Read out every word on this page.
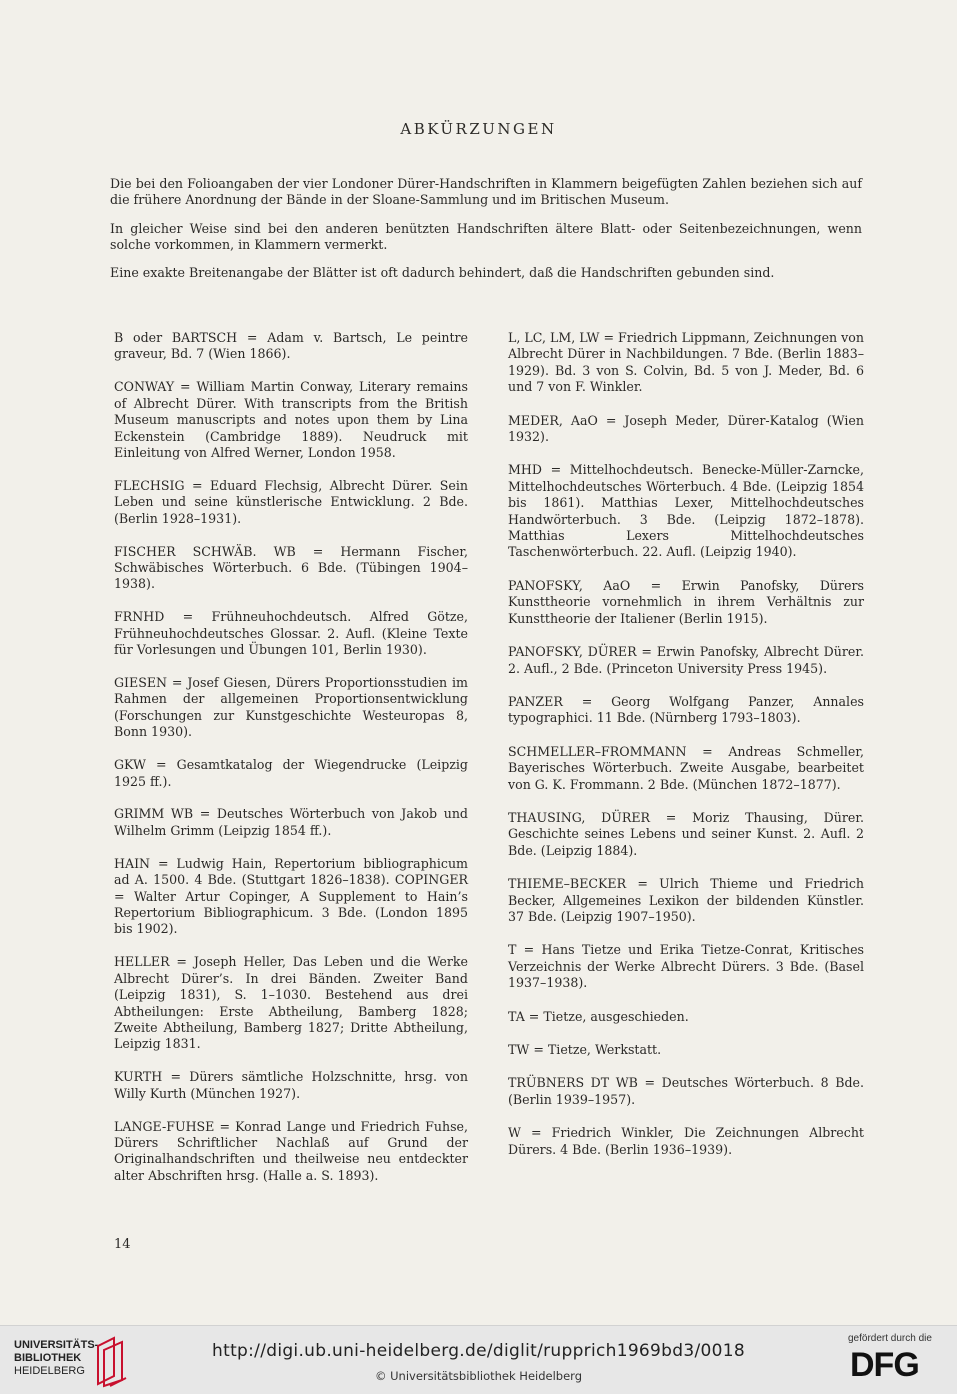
ABKÜRZUNGEN

Die bei den Folioangaben der vier Londoner Dürer-Handschriften in Klammern beigefügten Zahlen beziehen sich auf die frühere Anordnung der Bände in der Sloane-Sammlung und im Britischen Museum.

In gleicher Weise sind bei den anderen benützten Handschriften ältere Blatt- oder Seitenbezeichnungen, wenn solche vorkommen, in Klammern vermerkt.

Eine exakte Breitenangabe der Blätter ist oft dadurch behindert, daß die Handschriften gebunden sind.

B oder BARTSCH = Adam v. Bartsch, Le peintre graveur, Bd. 7 (Wien 1866).

CONWAY = William Martin Conway, Literary remains of Albrecht Dürer. With transcripts from the British Museum manuscripts and notes upon them by Lina Eckenstein (Cambridge 1889). Neudruck mit Einleitung von Alfred Werner, London 1958.

FLECHSIG = Eduard Flechsig, Albrecht Dürer. Sein Leben und seine künstlerische Entwicklung. 2 Bde. (Berlin 1928–1931).

FISCHER SCHWÄB. WB = Hermann Fischer, Schwäbisches Wörterbuch. 6 Bde. (Tübingen 1904–1938).

FRNHD = Frühneuhochdeutsch. Alfred Götze, Frühneuhochdeutsches Glossar. 2. Aufl. (Kleine Texte für Vorlesungen und Übungen 101, Berlin 1930).

GIESEN = Josef Giesen, Dürers Proportionsstudien im Rahmen der allgemeinen Proportionsentwicklung (Forschungen zur Kunstgeschichte Westeuropas 8, Bonn 1930).

GKW = Gesamtkatalog der Wiegendrucke (Leipzig 1925 ff.).

GRIMM WB = Deutsches Wörterbuch von Jakob und Wilhelm Grimm (Leipzig 1854 ff.).

HAIN = Ludwig Hain, Repertorium bibliographicum ad A. 1500. 4 Bde. (Stuttgart 1826–1838). COPINGER = Walter Artur Copinger, A Supplement to Hain’s Repertorium Bibliographicum. 3 Bde. (London 1895 bis 1902).

HELLER = Joseph Heller, Das Leben und die Werke Albrecht Dürer’s. In drei Bänden. Zweiter Band (Leipzig 1831), S. 1–1030. Bestehend aus drei Abtheilungen: Erste Abtheilung, Bamberg 1828; Zweite Abtheilung, Bamberg 1827; Dritte Abtheilung, Leipzig 1831.

KURTH = Dürers sämtliche Holzschnitte, hrsg. von Willy Kurth (München 1927).

LANGE-FUHSE = Konrad Lange und Friedrich Fuhse, Dürers Schriftlicher Nachlaß auf Grund der Originalhandschriften und theilweise neu entdeckter alter Abschriften hrsg. (Halle a. S. 1893).

L, LC, LM, LW = Friedrich Lippmann, Zeichnungen von Albrecht Dürer in Nachbildungen. 7 Bde. (Berlin 1883–1929). Bd. 3 von S. Colvin, Bd. 5 von J. Meder, Bd. 6 und 7 von F. Winkler.

MEDER, AaO = Joseph Meder, Dürer-Katalog (Wien 1932).

MHD = Mittelhochdeutsch. Benecke-Müller-Zarncke, Mittelhochdeutsches Wörterbuch. 4 Bde. (Leipzig 1854 bis 1861). Matthias Lexer, Mittelhochdeutsches Handwörterbuch. 3 Bde. (Leipzig 1872–1878). Matthias Lexers Mittelhochdeutsches Taschenwörterbuch. 22. Aufl. (Leipzig 1940).

PANOFSKY, AaO = Erwin Panofsky, Dürers Kunsttheorie vornehmlich in ihrem Verhältnis zur Kunsttheorie der Italiener (Berlin 1915).

PANOFSKY, DÜRER = Erwin Panofsky, Albrecht Dürer. 2. Aufl., 2 Bde. (Princeton University Press 1945).

PANZER = Georg Wolfgang Panzer, Annales typographici. 11 Bde. (Nürnberg 1793–1803).

SCHMELLER–FROMMANN = Andreas Schmeller, Bayerisches Wörterbuch. Zweite Ausgabe, bearbeitet von G. K. Frommann. 2 Bde. (München 1872–1877).

THAUSING, DÜRER = Moriz Thausing, Dürer. Geschichte seines Lebens und seiner Kunst. 2. Aufl. 2 Bde. (Leipzig 1884).

THIEME–BECKER = Ulrich Thieme und Friedrich Becker, Allgemeines Lexikon der bildenden Künstler. 37 Bde. (Leipzig 1907–1950).

T = Hans Tietze und Erika Tietze-Conrat, Kritisches Verzeichnis der Werke Albrecht Dürers. 3 Bde. (Basel 1937–1938).

TA = Tietze, ausgeschieden.

TW = Tietze, Werkstatt.

TRÜBNERS DT WB = Deutsches Wörterbuch. 8 Bde. (Berlin 1939–1957).

W = Friedrich Winkler, Die Zeichnungen Albrecht Dürers. 4 Bde. (Berlin 1936–1939).

14
UNIVERSITÄTS-
BIBLIOTHEK
HEIDELBERG
http://digi.ub.uni-heidelberg.de/diglit/rupprich1969bd3/0018
© Universitätsbibliothek Heidelberg
gefördert durch die
DFG
